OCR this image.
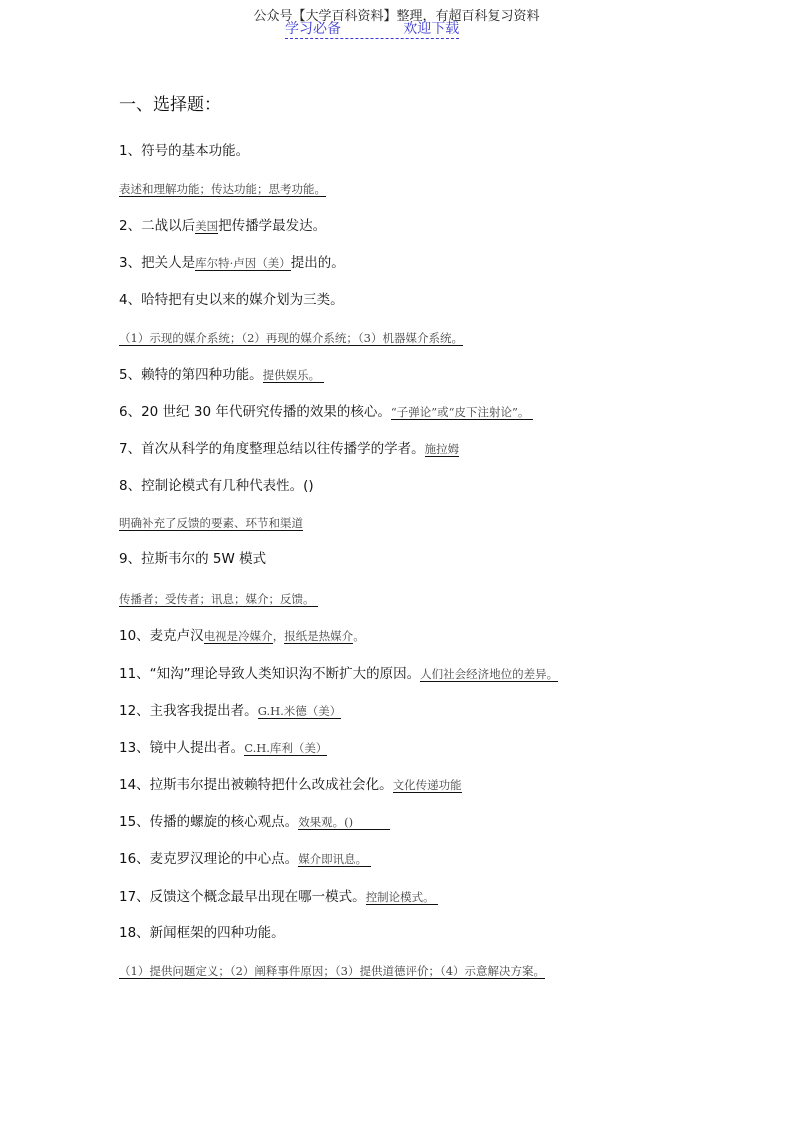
公众号【大学百科资料】整理，有超百科复习资料
学习必备              欢迎下载
一、选择题：
1、符号的基本功能。
表述和理解功能；传达功能；思考功能。
2、二战以后美国把传播学最发达。
3、把关人是库尔特·卢因（美）提出的。
4、哈特把有史以来的媒介划为三类。
（1）示现的媒介系统；（2）再现的媒介系统；（3）机器媒介系统。
5、赖特的第四种功能。提供娱乐。
6、20 世纪 30 年代研究传播的效果的核心。“子弹论”或“皮下注射论”。
7、首次从科学的角度整理总结以往传播学的学者。施拉姆
8、控制论模式有几种代表性。()
明确补充了反馈的要素、环节和渠道
9、拉斯韦尔的 5W 模式
传播者；受传者；讯息；媒介；反馈。
10、麦克卢汉电视是冷媒介，报纸是热媒介。
11、“知沟”理论导致人类知识沟不断扩大的原因。人们社会经济地位的差异。
12、主我客我提出者。G.H.米德（美）
13、镜中人提出者。C.H.库利（美）
14、拉斯韦尔提出被赖特把什么改成社会化。文化传递功能
15、传播的螺旋的核心观点。效果观。()
16、麦克罗汉理论的中心点。媒介即讯息。
17、反馈这个概念最早出现在哪一模式。控制论模式。
18、新闻框架的四种功能。
（1）提供问题定义；（2）阐释事件原因；（3）提供道德评价；（4）示意解决方案。
